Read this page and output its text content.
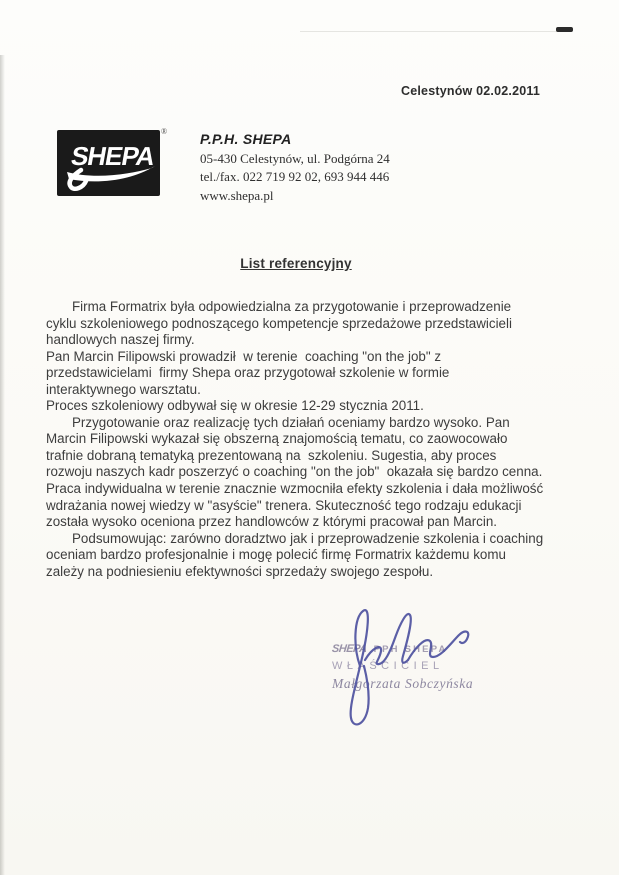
Celestynów 02.02.2011
SHEPA
® P.P.H. SHEPA
05-430 Celestynów, ul. Podgórna 24
tel./fax. 022 719 92 02, 693 944 446
www.shepa.pl
List referencyjny
Firma Formatrix była odpowiedzialna za przygotowanie i przeprowadzenie
cyklu szkoleniowego podnoszącego kompetencje sprzedażowe przedstawicieli
handlowych naszej firmy.
Pan Marcin Filipowski prowadził  w terenie  coaching "on the job" z
przedstawicielami  firmy Shepa oraz przygotował szkolenie w formie
interaktywnego warsztatu.
Proces szkoleniowy odbywał się w okresie 12-29 stycznia 2011.
Przygotowanie oraz realizację tych działań oceniamy bardzo wysoko. Pan
Marcin Filipowski wykazał się obszerną znajomością tematu, co zaowocowało
trafnie dobraną tematyką prezentowaną na  szkoleniu. Sugestia, aby proces
rozwoju naszych kadr poszerzyć o coaching "on the job"  okazała się bardzo cenna.
Praca indywidualna w terenie znacznie wzmocniła efekty szkolenia i dała możliwość
wdrażania nowej wiedzy w "asyście" trenera. Skuteczność tego rodzaju edukacji
została wysoko oceniona przez handlowców z którymi pracował pan Marcin.
Podsumowując: zarówno doradztwo jak i przeprowadzenie szkolenia i coaching
oceniam bardzo profesjonalnie i mogę polecić firmę Formatrix każdemu komu
zależy na podniesieniu efektywności sprzedaży swojego zespołu.
SHEPA PPH SHEPA
WŁAŚCICIEL
Małgorzata Sobczyńska
